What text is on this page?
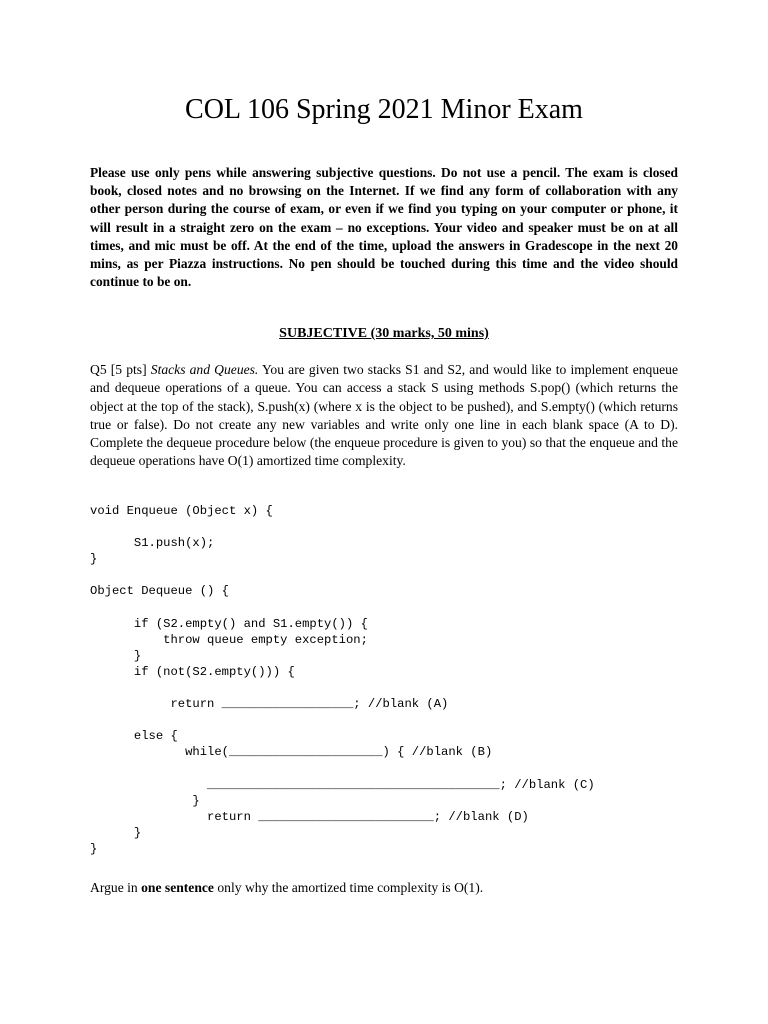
COL 106 Spring 2021 Minor Exam

Please use only pens while answering subjective questions. Do not use a pencil. The exam is closed book, closed notes and no browsing on the Internet. If we find any form of collaboration with any other person during the course of exam, or even if we find you typing on your computer or phone, it will result in a straight zero on the exam – no exceptions. Your video and speaker must be on at all times, and mic must be off. At the end of the time, upload the answers in Gradescope in the next 20 mins, as per Piazza instructions. No pen should be touched during this time and the video should continue to be on.

SUBJECTIVE (30 marks, 50 mins)

Q5 [5 pts] Stacks and Queues. You are given two stacks S1 and S2, and would like to implement enqueue and dequeue operations of a queue. You can access a stack S using methods S.pop() (which returns the object at the top of the stack), S.push(x) (where x is the object to be pushed), and S.empty() (which returns true or false). Do not create any new variables and write only one line in each blank space (A to D). Complete the dequeue procedure below (the enqueue procedure is given to you) so that the enqueue and the dequeue operations have O(1) amortized time complexity.

void Enqueue (Object x) {

S1.push(x);
}

Object Dequeue () {

if (S2.empty() and S1.empty()) {
throw queue empty exception;
}
if (not(S2.empty())) {

return __________________; //blank (A)

else {
while(_____________________) { //blank (B)

________________________________________; //blank (C)
}
return ________________________; //blank (D)
}
}

Argue in one sentence only why the amortized time complexity is O(1).
